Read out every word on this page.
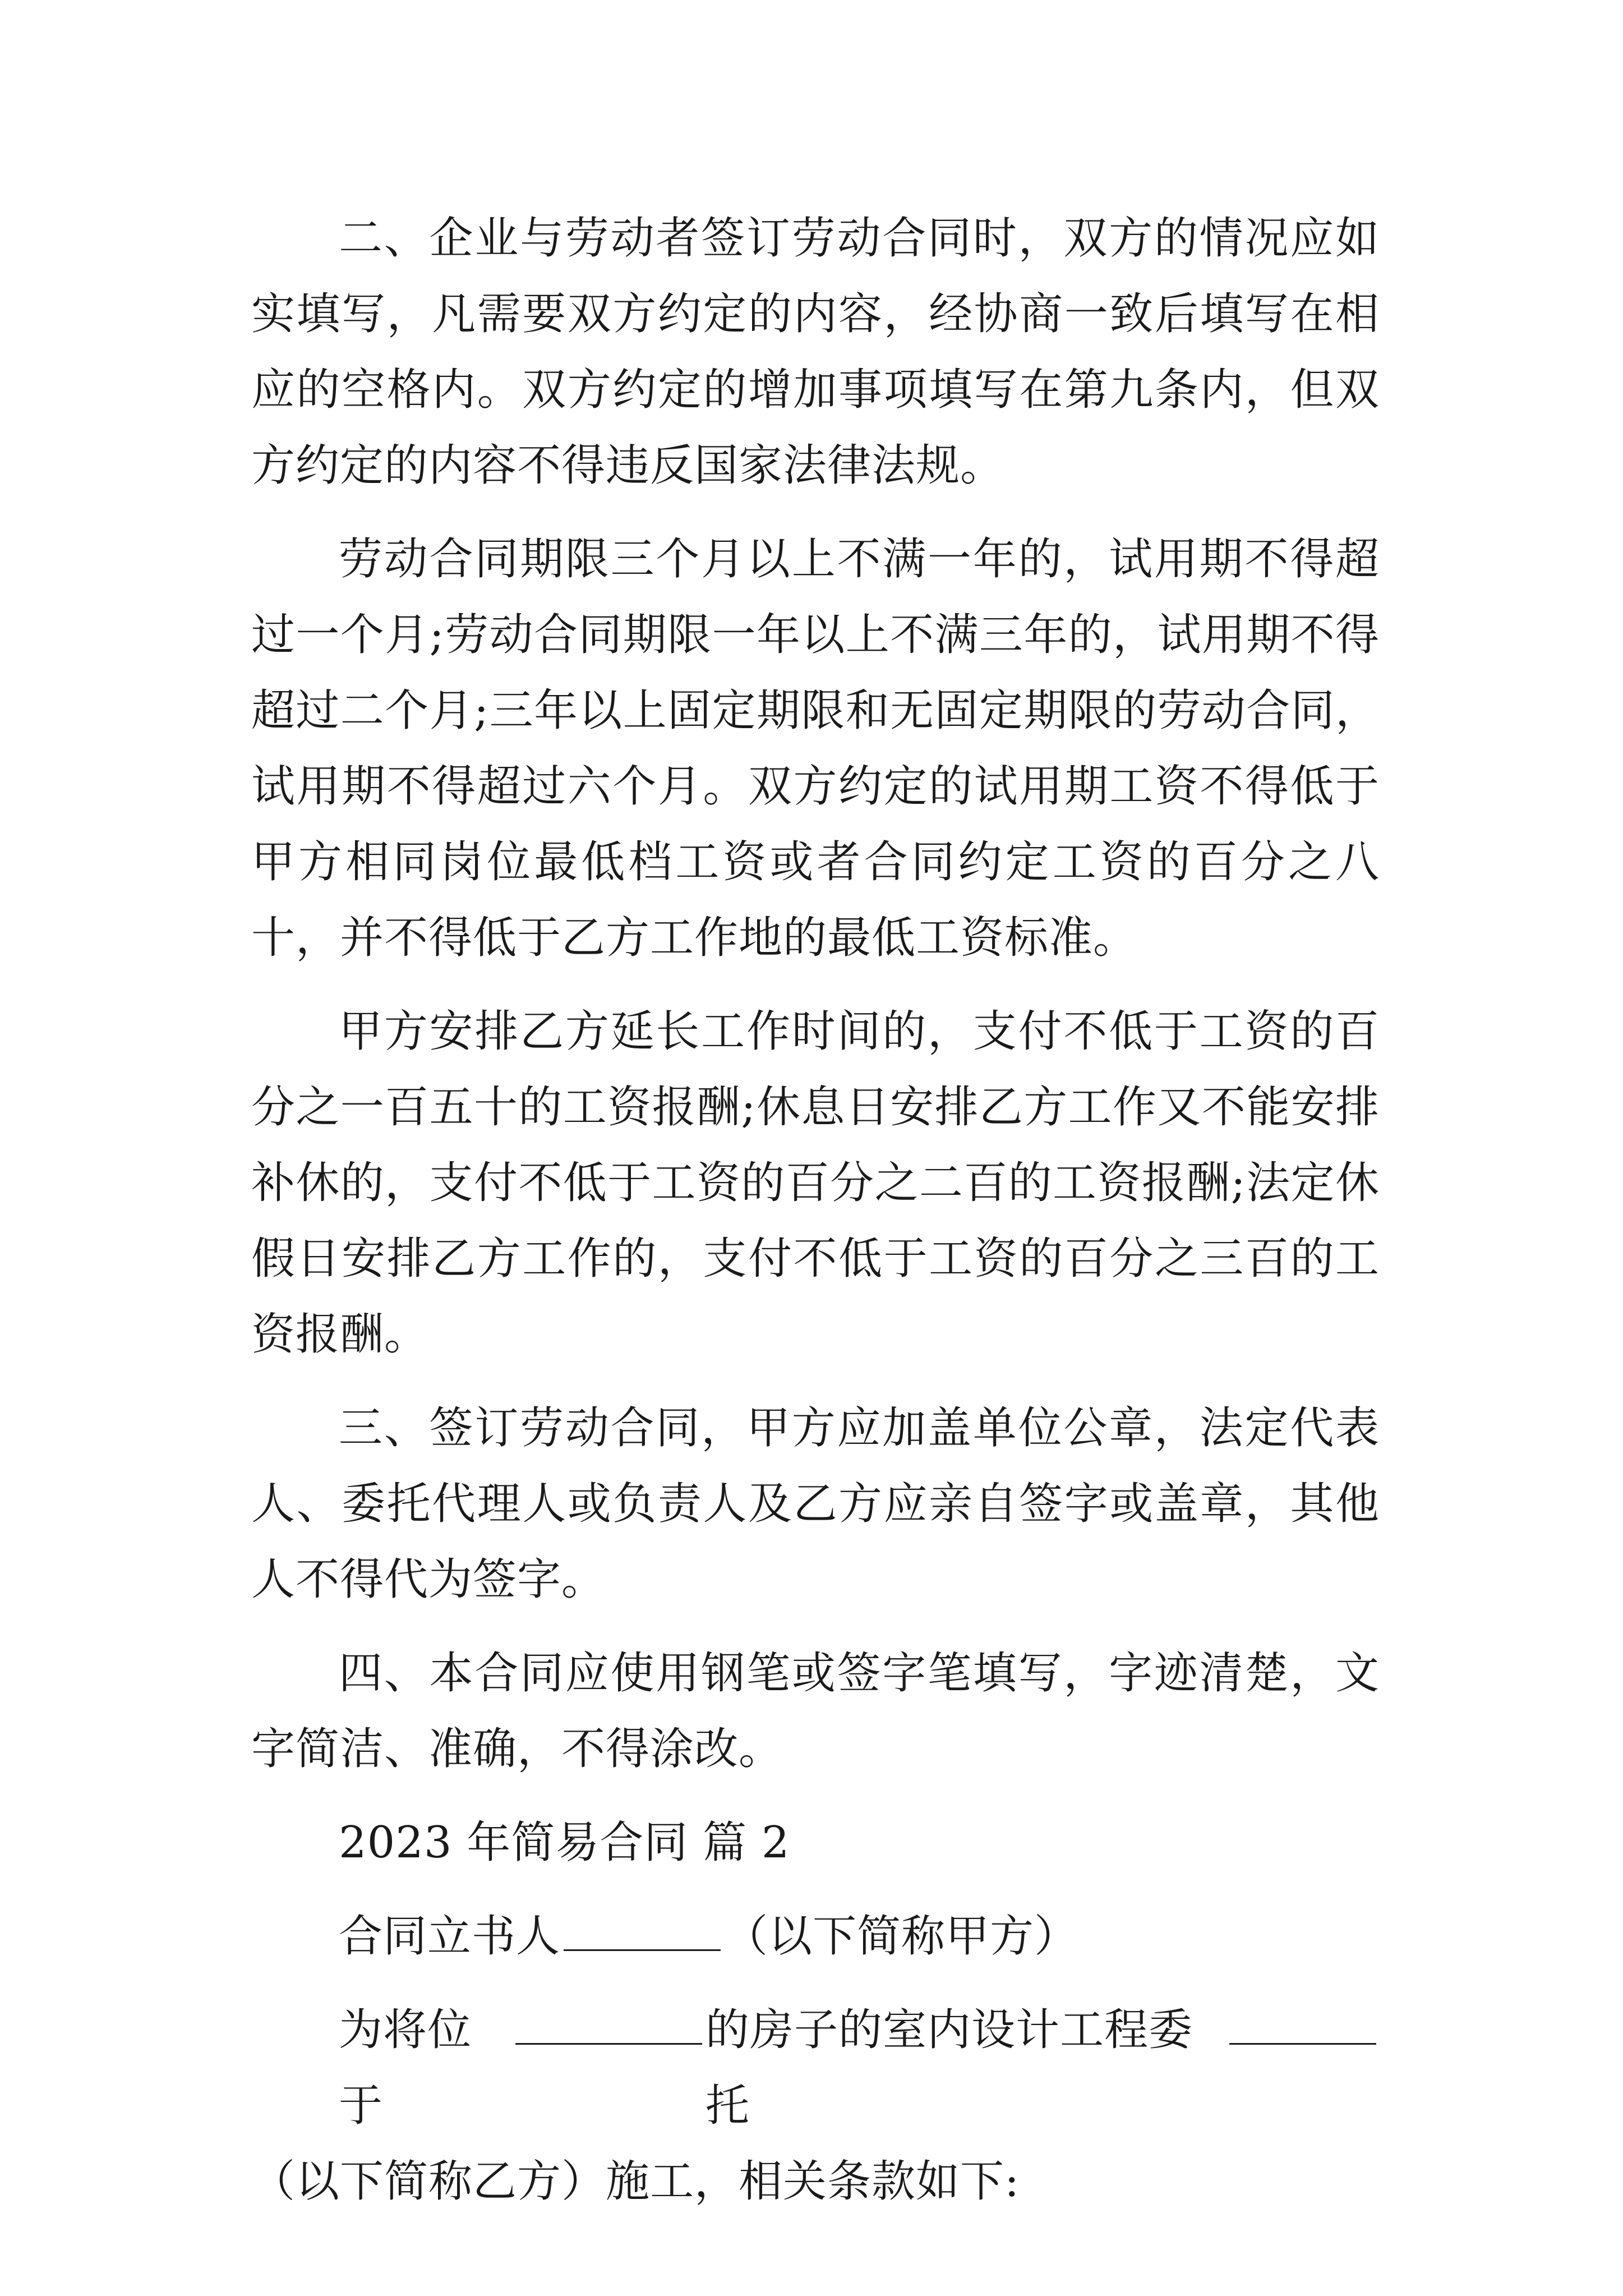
二、企业与劳动者签订劳动合同时，双方的情况应如实填写，凡需要双方约定的内容，经协商一致后填写在相应的空格内。双方约定的增加事项填写在第九条内，但双方约定的内容不得违反国家法律法规。

劳动合同期限三个月以上不满一年的，试用期不得超过一个月;劳动合同期限一年以上不满三年的，试用期不得超过二个月;三年以上固定期限和无固定期限的劳动合同，试用期不得超过六个月。双方约定的试用期工资不得低于甲方相同岗位最低档工资或者合同约定工资的百分之八十，并不得低于乙方工作地的最低工资标准。

甲方安排乙方延长工作时间的，支付不低于工资的百分之一百五十的工资报酬;休息日安排乙方工作又不能安排补休的，支付不低于工资的百分之二百的工资报酬;法定休假日安排乙方工作的，支付不低于工资的百分之三百的工资报酬。

三、签订劳动合同，甲方应加盖单位公章，法定代表人、委托代理人或负责人及乙方应亲自签字或盖章，其他人不得代为签字。

四、本合同应使用钢笔或签字笔填写，字迹清楚，文字简洁、准确，不得涂改。

2023 年简易合同 篇 2
合同立书人	（以下简称甲方）
为将位于
的房子的室内设计工程委托

（以下简称乙方）施工，相关条款如下:
